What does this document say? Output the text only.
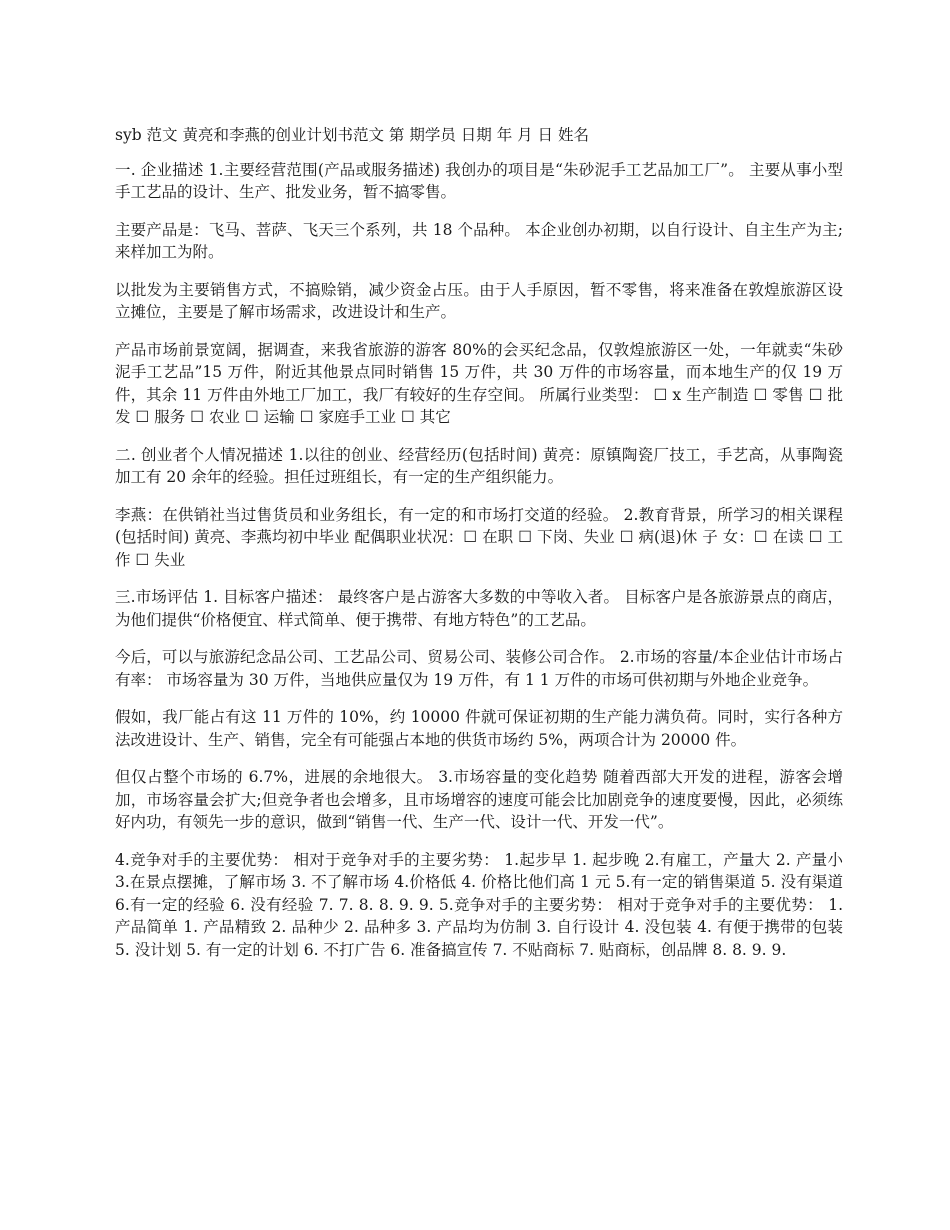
syb 范文 黄亮和李燕的创业计划书范文 第 期学员 日期 年 月 日 姓名

一. 企业描述 1.主要经营范围(产品或服务描述) 我创办的项目是“朱砂泥手工艺品加工厂”。 主要从事小型手工艺品的设计、生产、批发业务，暂不搞零售。

主要产品是：飞马、菩萨、飞天三个系列，共 18 个品种。 本企业创办初期，以自行设计、自主生产为主;来样加工为附。

以批发为主要销售方式，不搞赊销，减少资金占压。由于人手原因，暂不零售，将来准备在敦煌旅游区设立摊位，主要是了解市场需求，改进设计和生产。

产品市场前景宽阔，据调查，来我省旅游的游客 80%的会买纪念品，仅敦煌旅游区一处，一年就卖“朱砂泥手工艺品”15 万件，附近其他景点同时销售 15 万件，共 30 万件的市场容量，而本地生产的仅 19 万件，其余 11 万件由外地工厂加工，我厂有较好的生存空间。 所属行业类型： ☐ x 生产制造 ☐ 零售 ☐ 批发 ☐ 服务 ☐ 农业 ☐ 运输 ☐ 家庭手工业 ☐ 其它

二. 创业者个人情况描述 1.以往的创业、经营经历(包括时间) 黄亮：原镇陶瓷厂技工，手艺高，从事陶瓷加工有 20 余年的经验。担任过班组长，有一定的生产组织能力。

李燕：在供销社当过售货员和业务组长，有一定的和市场打交道的经验。 2.教育背景，所学习的相关课程(包括时间) 黄亮、李燕均初中毕业 配偶职业状况：☐ 在职 ☐ 下岗、失业 ☐ 病(退)休 子 女：☐ 在读 ☐ 工作 ☐ 失业

三.市场评估 1. 目标客户描述： 最终客户是占游客大多数的中等收入者。 目标客户是各旅游景点的商店，为他们提供“价格便宜、样式简单、便于携带、有地方特色”的工艺品。

今后，可以与旅游纪念品公司、工艺品公司、贸易公司、装修公司合作。 2.市场的容量/本企业估计市场占有率： 市场容量为 30 万件，当地供应量仅为 19 万件，有 1 1 万件的市场可供初期与外地企业竞争。

假如，我厂能占有这 11 万件的 10%，约 10000 件就可保证初期的生产能力满负荷。同时，实行各种方法改进设计、生产、销售，完全有可能强占本地的供货市场约 5%，两项合计为 20000 件。

但仅占整个市场的 6.7%，进展的余地很大。 3.市场容量的变化趋势 随着西部大开发的进程，游客会增加，市场容量会扩大;但竞争者也会增多，且市场增容的速度可能会比加剧竞争的速度要慢，因此，必须练好内功，有领先一步的意识，做到“销售一代、生产一代、设计一代、开发一代”。

4.竞争对手的主要优势： 相对于竞争对手的主要劣势： 1.起步早 1. 起步晚 2.有雇工，产量大 2. 产量小 3.在景点摆摊，了解市场 3. 不了解市场 4.价格低 4. 价格比他们高 1 元 5.有一定的销售渠道 5. 没有渠道 6.有一定的经验 6. 没有经验 7. 7. 8. 8. 9. 9. 5.竞争对手的主要劣势： 相对于竞争对手的主要优势： 1. 产品简单 1. 产品精致 2. 品种少 2. 品种多 3. 产品均为仿制 3. 自行设计 4. 没包装 4. 有便于携带的包装 5. 没计划 5. 有一定的计划 6. 不打广告 6. 准备搞宣传 7. 不贴商标 7. 贴商标，创品牌 8. 8. 9. 9.
